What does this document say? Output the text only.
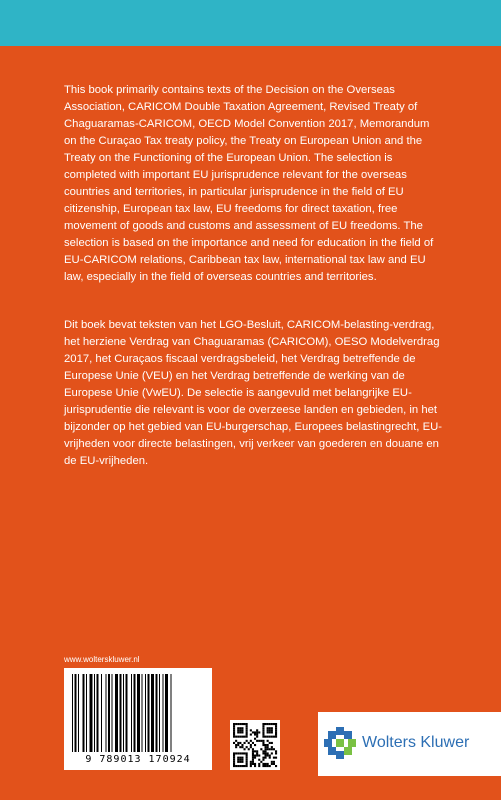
This book primarily contains texts of the Decision on the Overseas Association, CARICOM Double Taxation Agreement, Revised Treaty of Chaguaramas-CARICOM, OECD Model Convention 2017, Memorandum on the Curaçao Tax treaty policy, the Treaty on European Union and the Treaty on the Functioning of the European Union. The selection is completed with important EU jurisprudence relevant for the overseas countries and territories, in particular jurisprudence in the field of EU citizenship, European tax law, EU freedoms for direct taxation, free movement of goods and customs and assessment of EU freedoms. The selection is based on the importance and need for education in the field of EU-CARICOM relations, Caribbean tax law, international tax law and EU law, especially in the field of overseas countries and territories.

Dit boek bevat teksten van het LGO-Besluit, CARICOM-belasting-verdrag, het herziene Verdrag van Chaguaramas (CARICOM), OESO Modelverdrag 2017, het Curaçaos fiscaal verdragsbeleid, het Verdrag betreffende de Europese Unie (VEU) en het Verdrag betreffende de werking van de Europese Unie (VwEU). De selectie is aangevuld met belangrijke EU-jurisprudentie die relevant is voor de overzeese landen en gebieden, in het bijzonder op het gebied van EU-burgerschap, Europees belastingrecht, EU-vrijheden voor directe belastingen, vrij verkeer van goederen en douane en de EU-vrijheden.

www.wolterskluwer.nl
9 789013 170924
Wolters Kluwer
